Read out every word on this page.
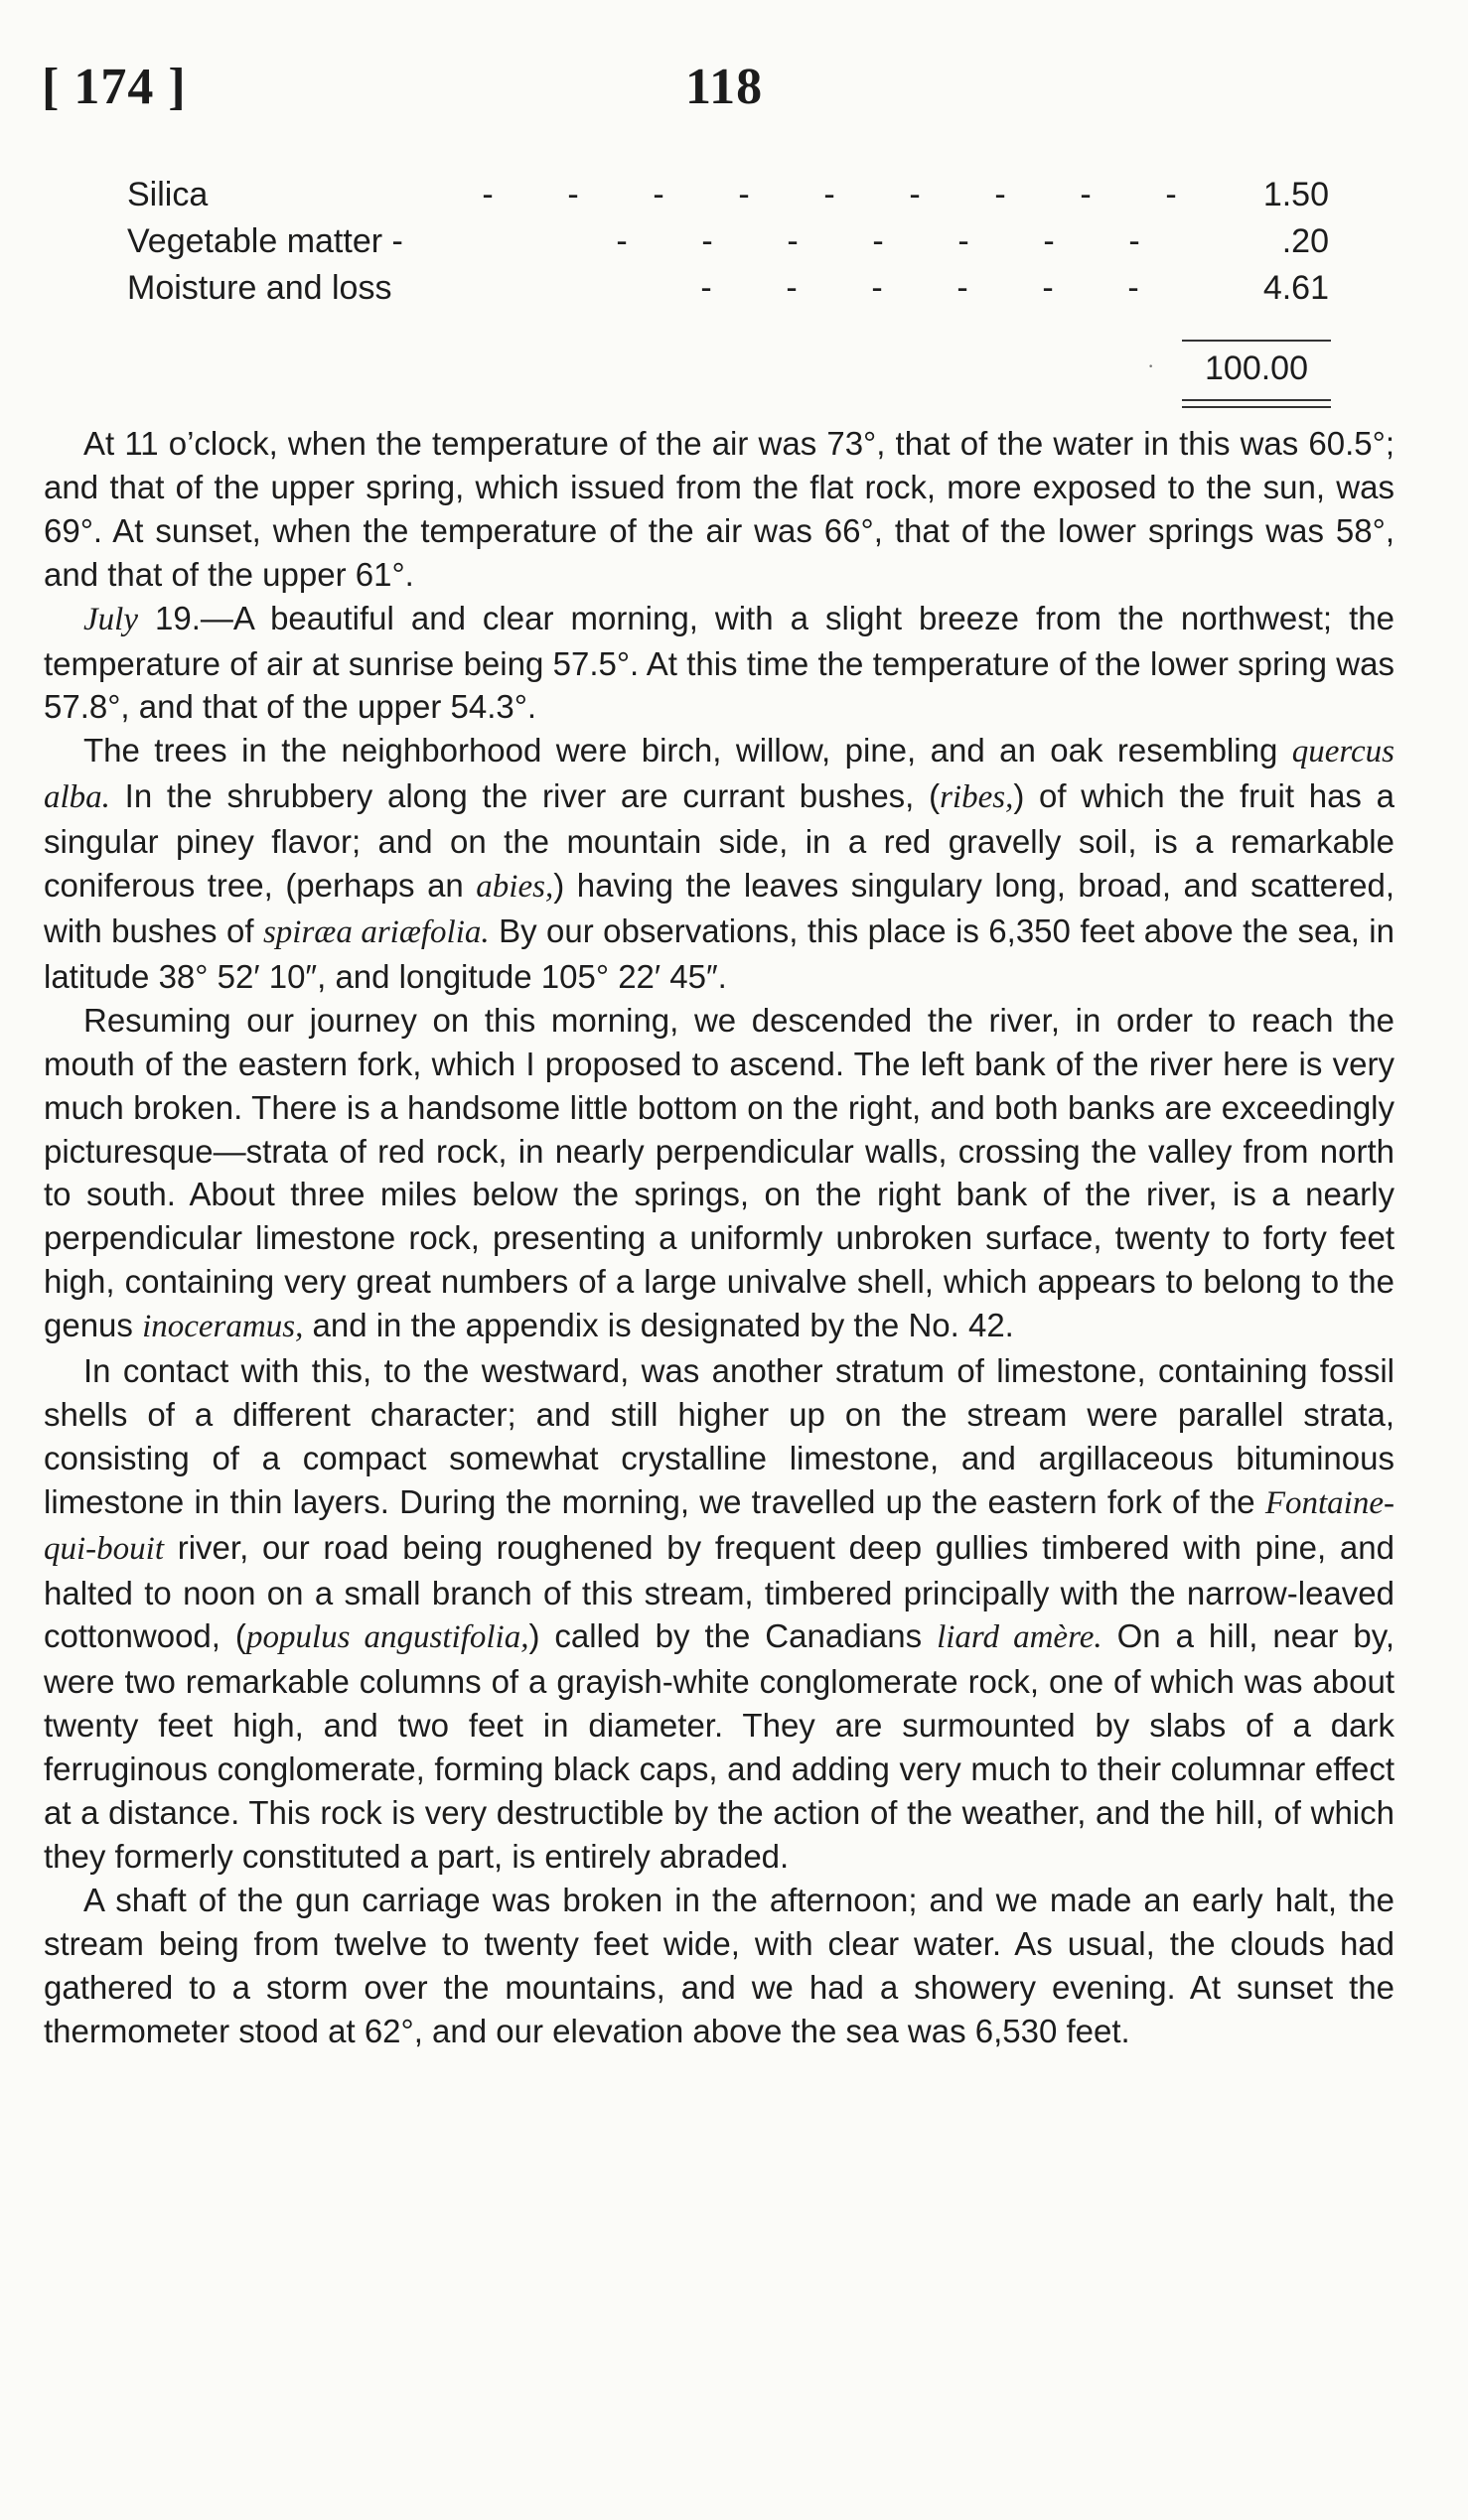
[ 174 ]	118
Silica	- - - - - - - - -	1.50
Vegetable matter -	- - - - - - -	.20
Moisture and loss	- - - - - -	4.61
·	100.00

At 11 o’clock, when the temperature of the air was 73°, that of the water in this was 60.5°; and that of the upper spring, which issued from the flat rock, more exposed to the sun, was 69°. At sunset, when the temperature of the air was 66°, that of the lower springs was 58°, and that of the upper 61°.

July 19.—A beautiful and clear morning, with a slight breeze from the northwest; the temperature of air at sunrise being 57.5°. At this time the temperature of the lower spring was 57.8°, and that of the upper 54.3°.

The trees in the neighborhood were birch, willow, pine, and an oak resembling quercus alba. In the shrubbery along the river are currant bushes, (ribes,) of which the fruit has a singular piney flavor; and on the mountain side, in a red gravelly soil, is a remarkable coniferous tree, (perhaps an abies,) having the leaves singulary long, broad, and scattered, with bushes of spiræa ariæfolia. By our observations, this place is 6,350 feet above the sea, in latitude 38° 52′ 10″, and longitude 105° 22′ 45″.

Resuming our journey on this morning, we descended the river, in order to reach the mouth of the eastern fork, which I proposed to ascend. The left bank of the river here is very much broken. There is a handsome little bottom on the right, and both banks are exceedingly picturesque—strata of red rock, in nearly perpendicular walls, crossing the valley from north to south. About three miles below the springs, on the right bank of the river, is a nearly perpendicular limestone rock, presenting a uniformly unbroken surface, twenty to forty feet high, containing very great numbers of a large univalve shell, which appears to belong to the genus inoceramus, and in the appendix is designated by the No. 42.

In contact with this, to the westward, was another stratum of limestone, containing fossil shells of a different character; and still higher up on the stream were parallel strata, consisting of a compact somewhat crystalline limestone, and argillaceous bituminous limestone in thin layers. During the morning, we travelled up the eastern fork of the Fontaine-qui-bouit river, our road being roughened by frequent deep gullies timbered with pine, and halted to noon on a small branch of this stream, timbered principally with the narrow-leaved cottonwood, (populus angustifolia,) called by the Canadians liard amère. On a hill, near by, were two remarkable columns of a grayish-white conglomerate rock, one of which was about twenty feet high, and two feet in diameter. They are surmounted by slabs of a dark ferruginous conglomerate, forming black caps, and adding very much to their columnar effect at a distance. This rock is very destructible by the action of the weather, and the hill, of which they formerly constituted a part, is entirely abraded.

A shaft of the gun carriage was broken in the afternoon; and we made an early halt, the stream being from twelve to twenty feet wide, with clear water. As usual, the clouds had gathered to a storm over the mountains, and we had a showery evening. At sunset the thermometer stood at 62°, and our elevation above the sea was 6,530 feet.
